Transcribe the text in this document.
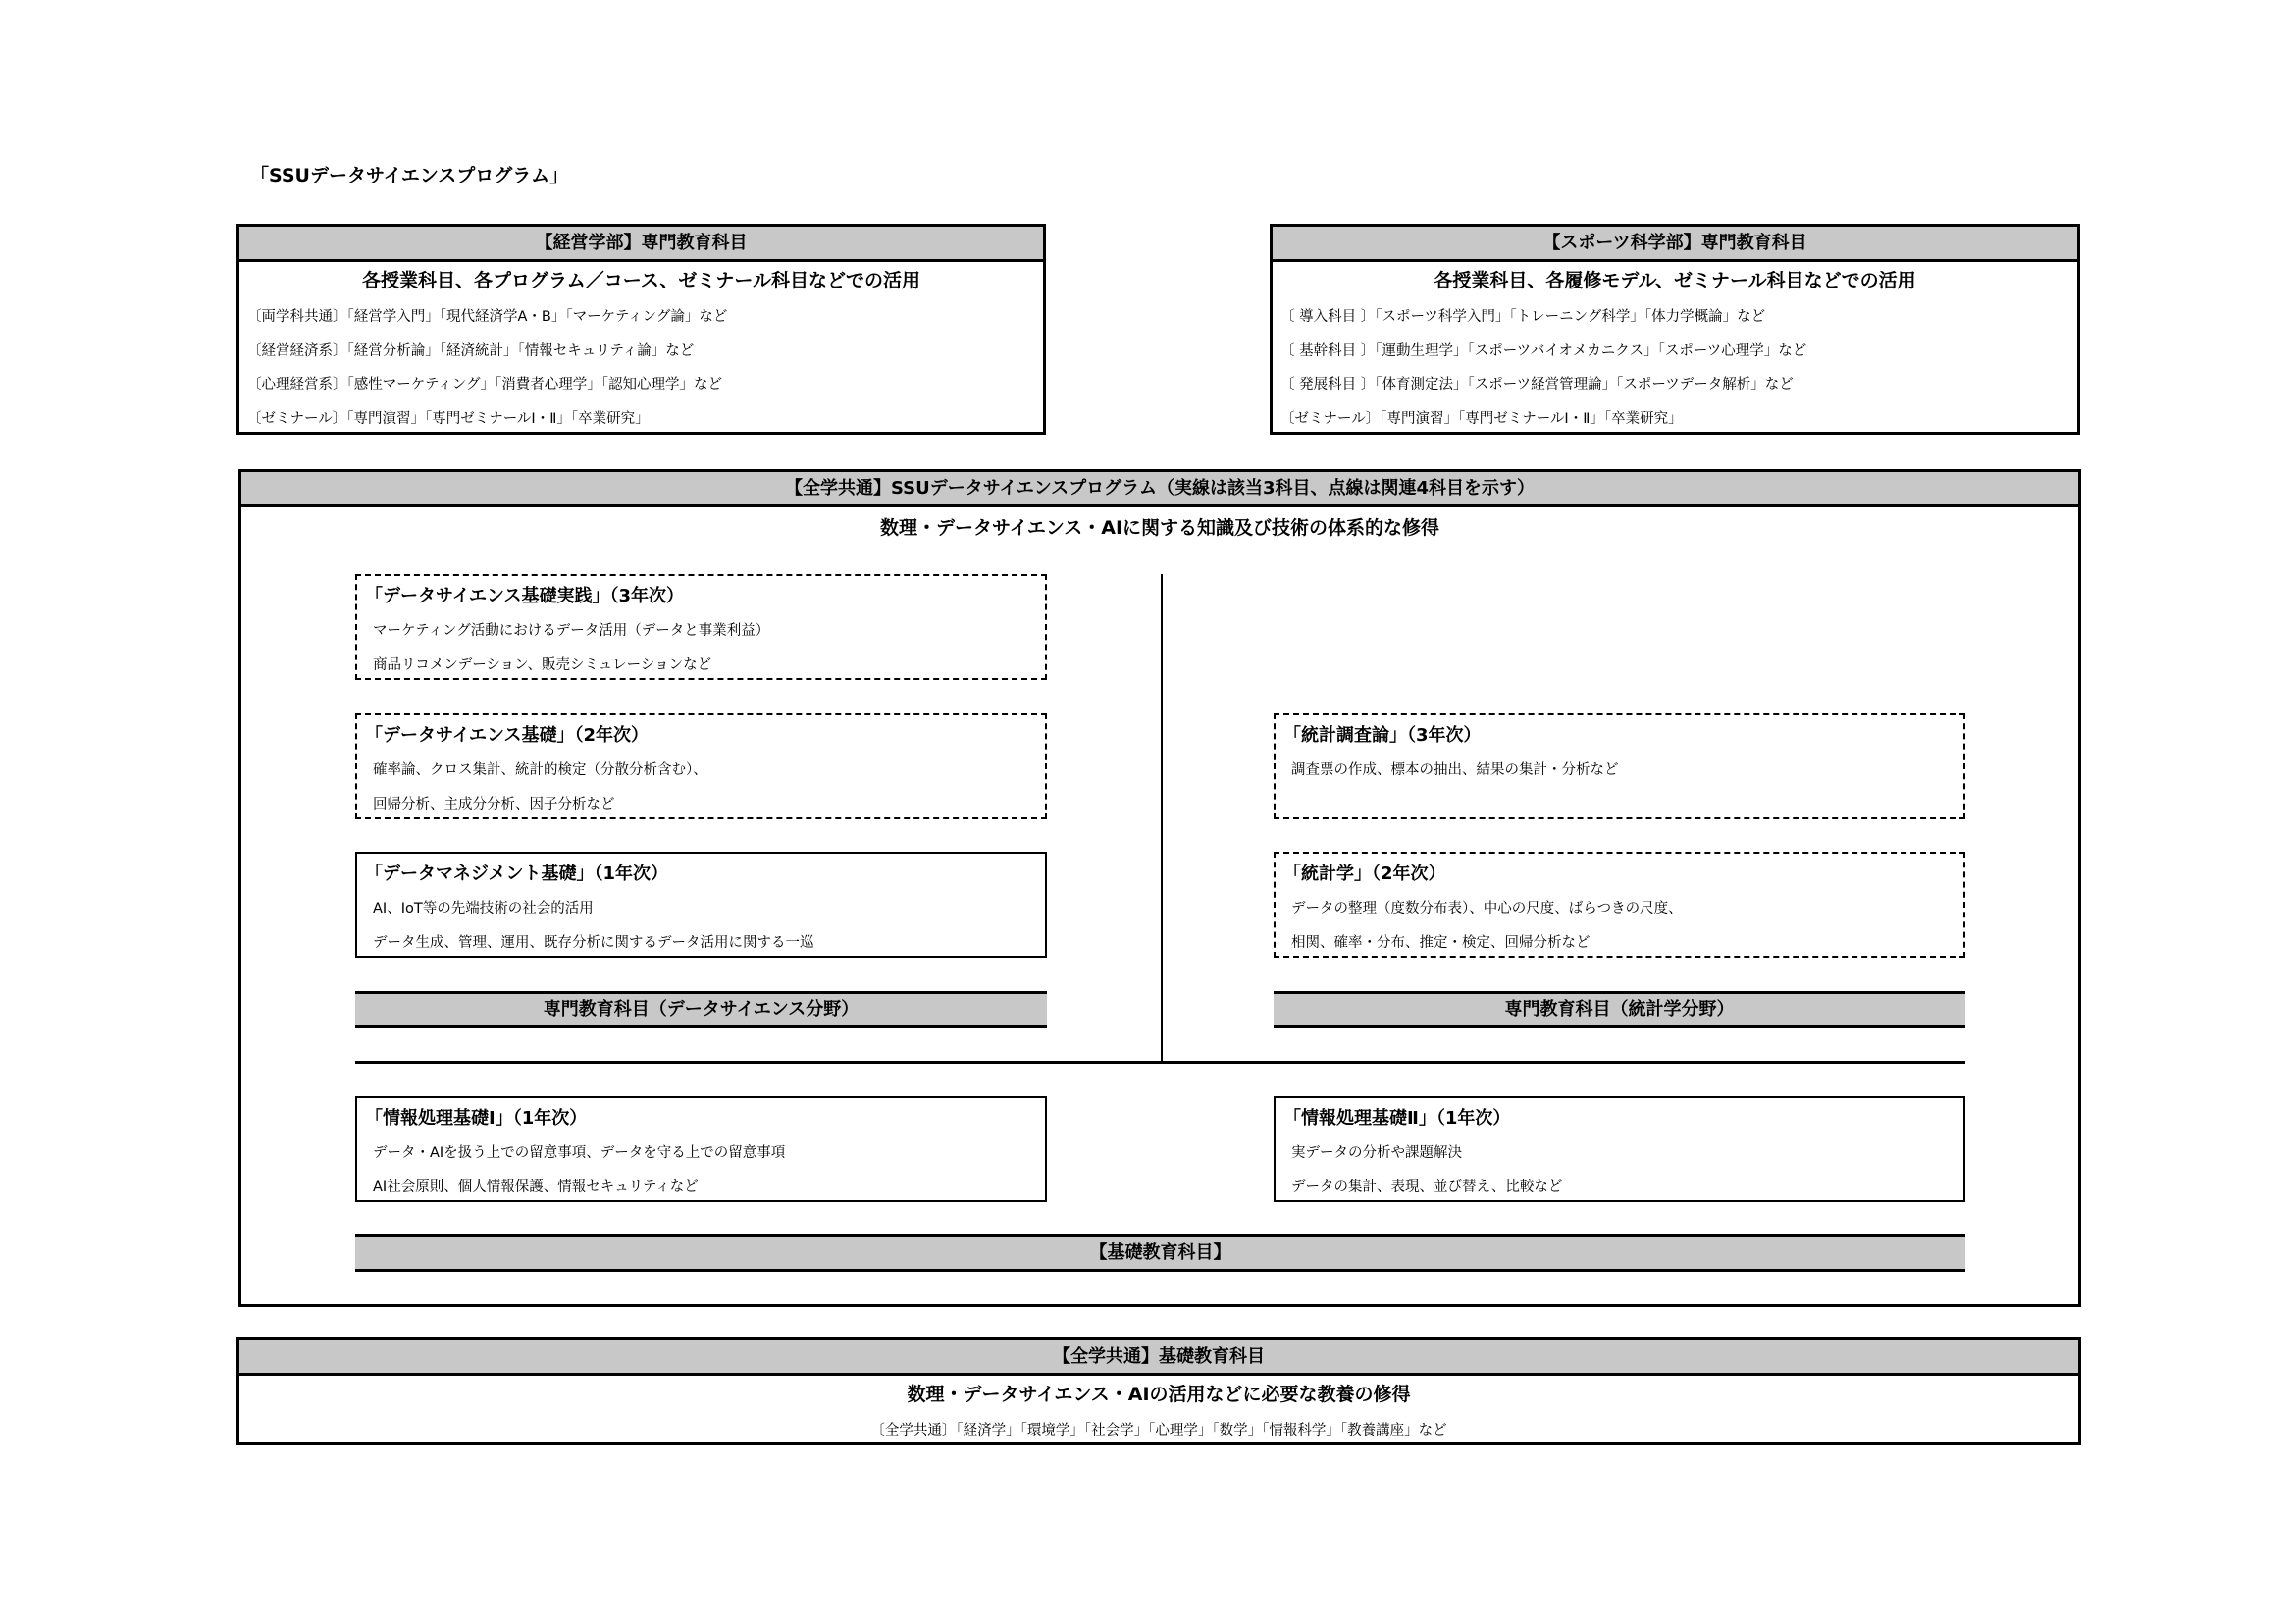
「SSUデータサイエンスプログラム」
【経営学部】専門教育科目
各授業科目、各プログラム／コース、ゼミナール科目などでの活用
〔両学科共通〕「経営学入門」「現代経済学A・B」「マーケティング論」など
〔経営経済系〕「経営分析論」「経済統計」「情報セキュリティ論」など
〔心理経営系〕「感性マーケティング」「消費者心理学」「認知心理学」など
〔ゼミナール〕「専門演習」「専門ゼミナールⅠ・Ⅱ」「卒業研究」
【スポーツ科学部】専門教育科目
各授業科目、各履修モデル、ゼミナール科目などでの活用
〔 導入科目 〕「スポーツ科学入門」「トレーニング科学」「体力学概論」など
〔 基幹科目 〕「運動生理学」「スポーツバイオメカニクス」「スポーツ心理学」など
〔 発展科目 〕「体育測定法」「スポーツ経営管理論」「スポーツデータ解析」など
〔ゼミナール〕「専門演習」「専門ゼミナールⅠ・Ⅱ」「卒業研究」
【全学共通】SSUデータサイエンスプログラム（実線は該当3科目、点線は関連4科目を示す）
数理・データサイエンス・AIに関する知識及び技術の体系的な修得
「データサイエンス基礎実践」（3年次）
マーケティング活動におけるデータ活用（データと事業利益）
商品リコメンデーション、販売シミュレーションなど
「データサイエンス基礎」（2年次）
確率論、クロス集計、統計的検定（分散分析含む）、
回帰分析、主成分分析、因子分析など
「データマネジメント基礎」（1年次）
AI、IoT等の先端技術の社会的活用
データ生成、管理、運用、既存分析に関するデータ活用に関する一巡
「統計調査論」（3年次）
調査票の作成、標本の抽出、結果の集計・分析など
「統計学」（2年次）
データの整理（度数分布表）、中心の尺度、ばらつきの尺度、
相関、確率・分布、推定・検定、回帰分析など
専門教育科目（データサイエンス分野）	専門教育科目（統計学分野）
「情報処理基礎Ⅰ」（1年次）
データ・AIを扱う上での留意事項、データを守る上での留意事項
AI社会原則、個人情報保護、情報セキュリティなど
「情報処理基礎Ⅱ」（1年次）
実データの分析や課題解決
データの集計、表現、並び替え、比較など
【基礎教育科目】
【全学共通】基礎教育科目
数理・データサイエンス・AIの活用などに必要な教養の修得
〔全学共通〕「経済学」「環境学」「社会学」「心理学」「数学」「情報科学」「教養講座」など
